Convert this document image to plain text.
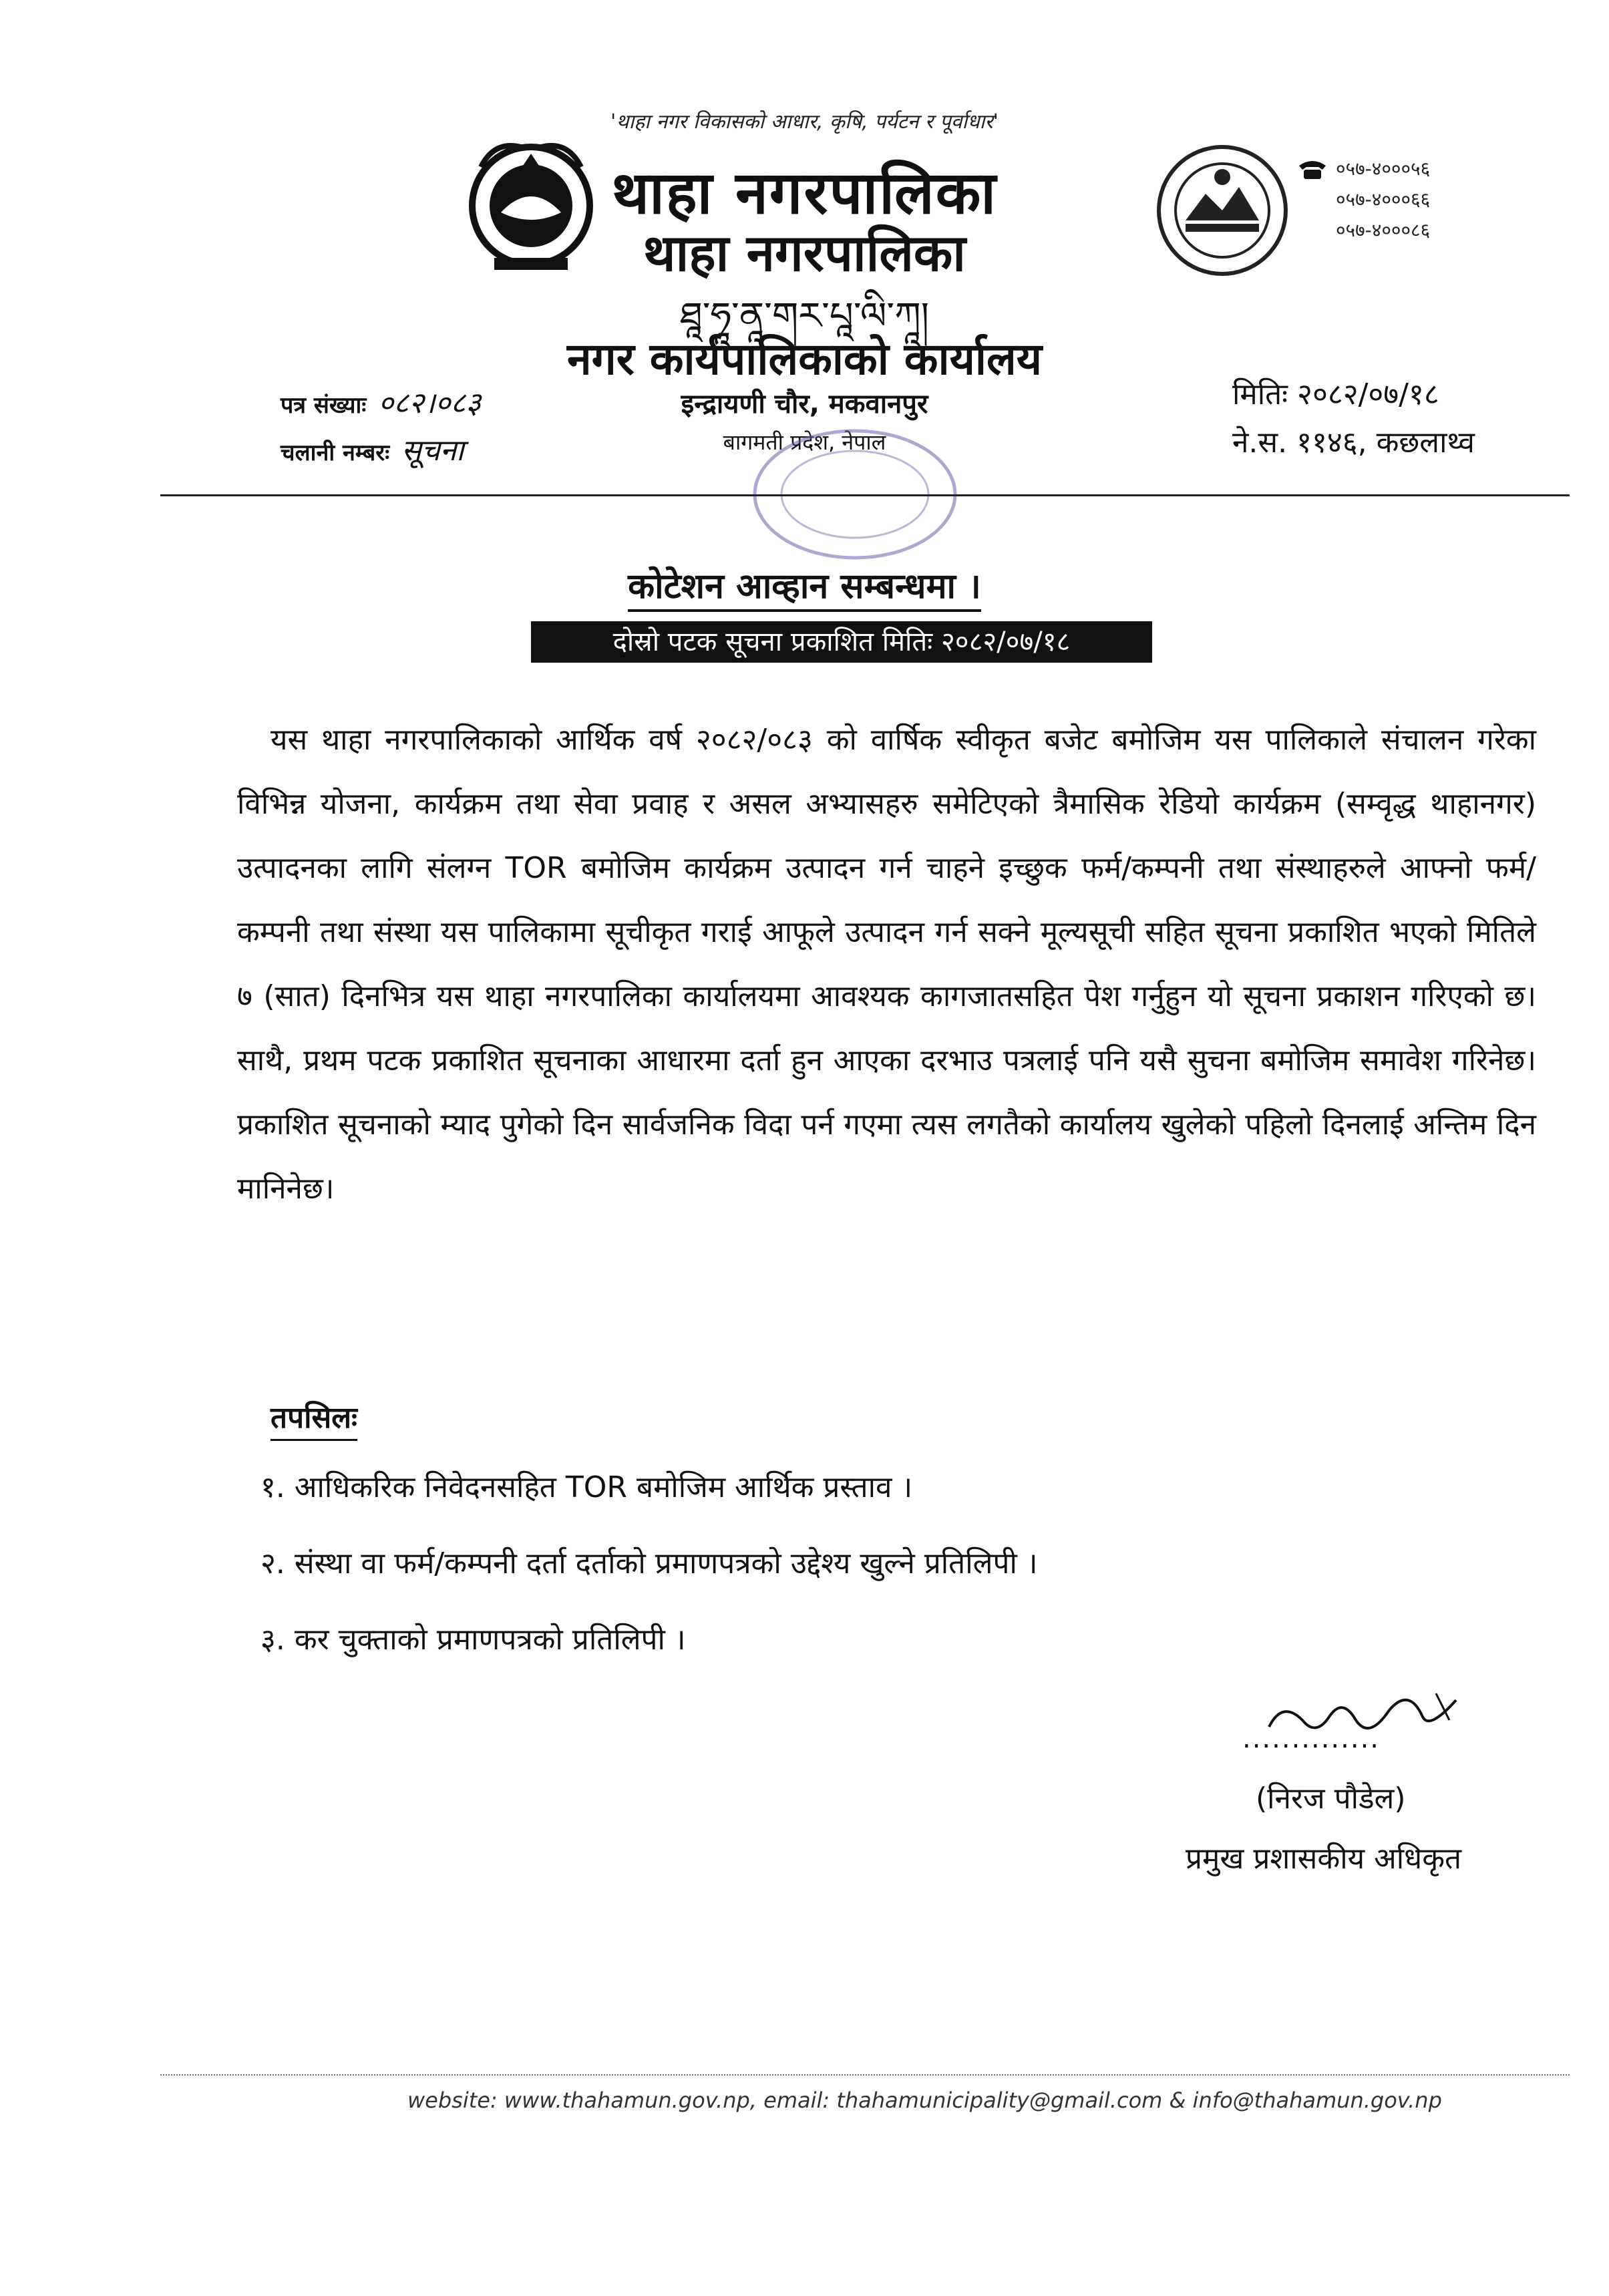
'थाहा नगर विकासको आधार, कृषि, पर्यटन र पूर्वाधार'
थाहा नगरपालिका
थाहा नगरपालिका
ཐཱ་ཧཱ་ནཱ་གར་པཱ་ལི་ཀཱ།
नगर कार्यपालिकाको कार्यालय
इन्द्रायणी चौर, मकवानपुर
बागमती प्रदेश, नेपाल
०५७-४०००५६
०५७-४०००६६
०५७-४०००८६
पत्र संख्याः ०८२।०८३
चलानी नम्बरः सूचना
मितिः २०८२/०७/१८
ने.स. ११४६, कछलाथ्व
कोटेशन आव्हान सम्बन्धमा ।
दोस्रो पटक सूचना प्रकाशित मितिः २०८२/०७/१८
यस थाहा नगरपालिकाको आर्थिक वर्ष २०८२/०८३ को वार्षिक स्वीकृत बजेट बमोजिम यस पालिकाले संचालन गरेका विभिन्न योजना, कार्यक्रम तथा सेवा प्रवाह र असल अभ्यासहरु समेटिएको त्रैमासिक रेडियो कार्यक्रम (सम्वृद्ध थाहानगर) उत्पादनका लागि संलग्न TOR बमोजिम कार्यक्रम उत्पादन गर्न चाहने इच्छुक फर्म/कम्पनी तथा संस्थाहरुले आफ्नो फर्म/कम्पनी तथा संस्था यस पालिकामा सूचीकृत गराई आफूले उत्पादन गर्न सक्ने मूल्यसूची सहित सूचना प्रकाशित भएको मितिले ७ (सात) दिनभित्र यस थाहा नगरपालिका कार्यालयमा आवश्यक कागजातसहित पेश गर्नुहुन यो सूचना प्रकाशन गरिएको छ। साथै, प्रथम पटक प्रकाशित सूचनाका आधारमा दर्ता हुन आएका दरभाउ पत्रलाई पनि यसै सुचना बमोजिम समावेश गरिनेछ। प्रकाशित सूचनाको म्याद पुगेको दिन सार्वजनिक विदा पर्न गएमा त्यस लगतैको कार्यालय खुलेको पहिलो दिनलाई अन्तिम दिन मानिनेछ।
तपसिलः
१. आधिकरिक निवेदनसहित TOR बमोजिम आर्थिक प्रस्ताव ।
२. संस्था वा फर्म/कम्पनी दर्ता दर्ताको प्रमाणपत्रको उद्देश्य खुल्ने प्रतिलिपी ।
३. कर चुक्ताको प्रमाणपत्रको प्रतिलिपी ।
..............
(निरज पौडेल)
प्रमुख प्रशासकीय अधिकृत
website: www.thahamun.gov.np, email: thahamunicipality@gmail.com & info@thahamun.gov.np
